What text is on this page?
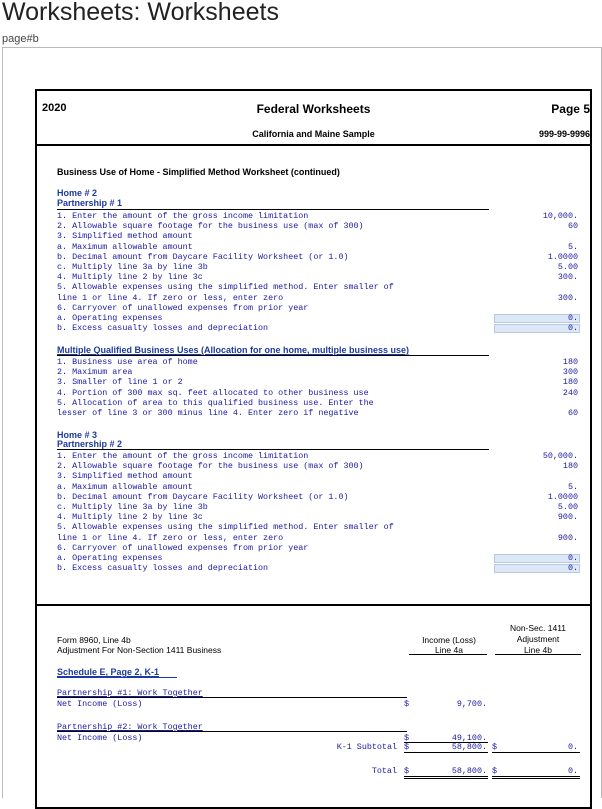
Worksheets: Worksheets
page#b
2020	Federal Worksheets	Page 5
California and Maine Sample	999-99-9996
Business Use of Home - Simplified Method Worksheet (continued)
Home # 2
Partnership # 1
1. Enter the amount of the gross income limitation	10,000.
2. Allowable square footage for the business use (max of 300)	60
3. Simplified method amount
a. Maximum allowable amount	5.
b. Decimal amount from Daycare Facility Worksheet (or 1.0)	1.0000
c. Multiply line 3a by line 3b	5.00
4. Multiply line 2 by line 3c	300.
5. Allowable expenses using the simplified method. Enter smaller of
line 1 or line 4. If zero or less, enter zero	300.
6. Carryover of unallowed expenses from prior year
a. Operating expenses	0.
b. Excess casualty losses and depreciation	0.
Multiple Qualified Business Uses (Allocation for one home, multiple business use)
1. Business use area of home	180
2. Maximum area	300
3. Smaller of line 1 or 2	180
4. Portion of 300 max sq. feet allocated to other business use	240
5. Allocation of area to this qualified business use. Enter the
lesser of line 3 or 300 minus line 4. Enter zero if negative	60
Home # 3
Partnership # 2
1. Enter the amount of the gross income limitation	50,000.
2. Allowable square footage for the business use (max of 300)	180
3. Simplified method amount
a. Maximum allowable amount	5.
b. Decimal amount from Daycare Facility Worksheet (or 1.0)	1.0000
c. Multiply line 3a by line 3b	5.00
4. Multiply line 2 by line 3c	900.
5. Allowable expenses using the simplified method. Enter smaller of
line 1 or line 4. If zero or less, enter zero	900.
6. Carryover of unallowed expenses from prior year
a. Operating expenses	0.
b. Excess casualty losses and depreciation	0.
Form 8960, Line 4b
Adjustment For Non-Section 1411 Business
Income (Loss)
Line 4a
Non-Sec. 1411
Adjustment
Line 4b
Schedule E, Page 2, K-1
Partnership #1: Work Together
Net Income (Loss)	$	9,700.
Partnership #2: Work Together
Net Income (Loss)	$	49,100.
K-1 Subtotal $	58,800. $	0.
Total $	58,800. $	0.
